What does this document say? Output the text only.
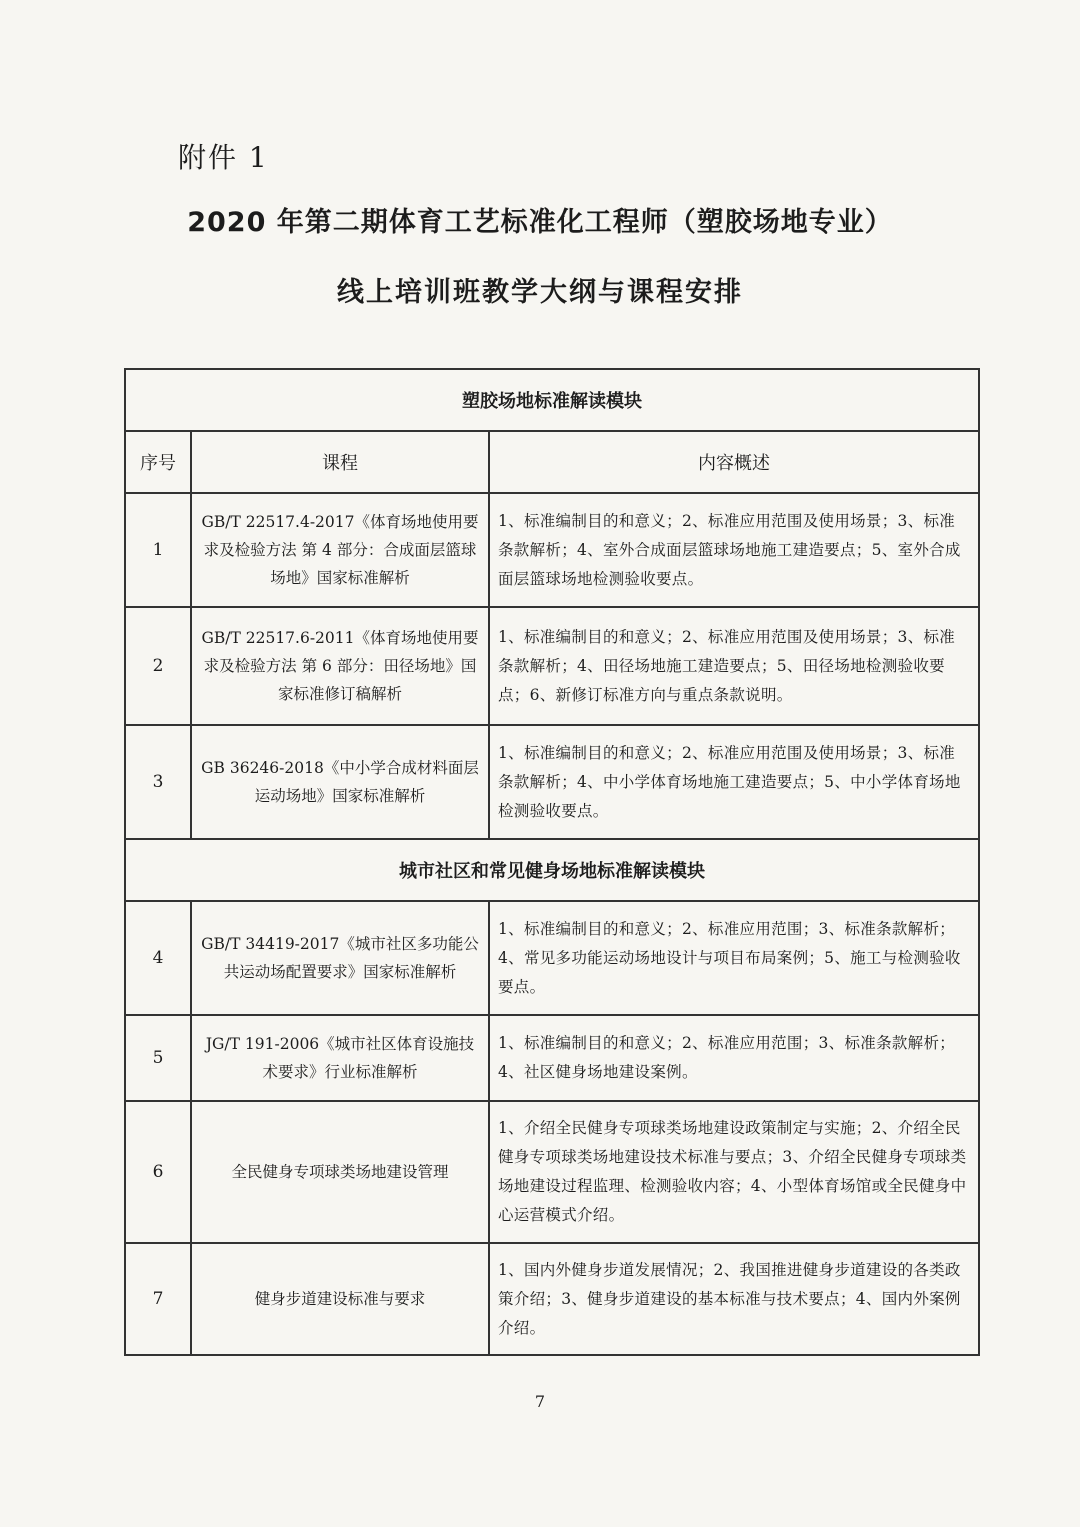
附件 1
2020 年第二期体育工艺标准化工程师（塑胶场地专业）
线上培训班教学大纲与课程安排
塑胶场地标准解读模块		
序号	课程	内容概述
1	GB/T 22517.4-2017《体育场地使用要求及检验方法 第 4 部分：合成面层篮球场地》国家标准解析	1、标准编制目的和意义；2、标准应用范围及使用场景；3、标准条款解析；4、室外合成面层篮球场地施工建造要点；5、室外合成面层篮球场地检测验收要点。
2	GB/T 22517.6-2011《体育场地使用要求及检验方法 第 6 部分：田径场地》国家标准修订稿解析	1、标准编制目的和意义；2、标准应用范围及使用场景；3、标准条款解析；4、田径场地施工建造要点；5、田径场地检测验收要点；6、新修订标准方向与重点条款说明。
3	GB 36246-2018《中小学合成材料面层运动场地》国家标准解析	1、标准编制目的和意义；2、标准应用范围及使用场景；3、标准条款解析；4、中小学体育场地施工建造要点；5、中小学体育场地检测验收要点。
城市社区和常见健身场地标准解读模块		
4	GB/T 34419-2017《城市社区多功能公共运动场配置要求》国家标准解析	1、标准编制目的和意义；2、标准应用范围；3、标准条款解析；4、常见多功能运动场地设计与项目布局案例；5、施工与检测验收要点。
5	JG/T 191-2006《城市社区体育设施技术要求》行业标准解析	1、标准编制目的和意义；2、标准应用范围；3、标准条款解析；4、社区健身场地建设案例。
6	全民健身专项球类场地建设管理	1、介绍全民健身专项球类场地建设政策制定与实施；2、介绍全民健身专项球类场地建设技术标准与要点；3、介绍全民健身专项球类场地建设过程监理、检测验收内容；4、小型体育场馆或全民健身中心运营模式介绍。
7	健身步道建设标准与要求	1、国内外健身步道发展情况；2、我国推进健身步道建设的各类政策介绍；3、健身步道建设的基本标准与技术要点；4、国内外案例介绍。
7
